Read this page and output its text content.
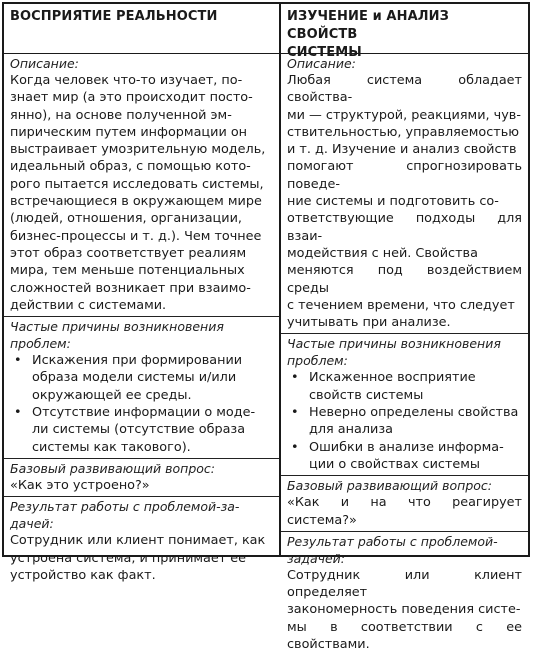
ВОСПРИЯТИЕ РЕАЛЬНОСТИ
Описание:
Когда человек что-то изучает, по-
знает мир (а это происходит посто-
янно), на основе полученной эм-
пирическим путем информации он
выстраивает умозрительную модель,
идеальный образ, с помощью кото-
рого пытается исследовать системы,
встречающиеся в окружающем мире
(людей, отношения, организации,
бизнес-процессы и т. д.). Чем точнее
этот образ соответствует реалиям
мира, тем меньше потенциальных
сложностей возникает при взаимо-
действии с системами.
Частые причины возникновения
проблем:
• Искажения при формировании
образа модели системы и/или
окружающей ее среды.
• Отсутствие информации о моде-
ли системы (отсутствие образа
системы как такового).
Базовый развивающий вопрос:
«Как это устроено?»
Результат работы с проблемой-за-
дачей:
Сотрудник или клиент понимает, как
устроена система, и принимает ее
устройство как факт.
ИЗУЧЕНИЕ и АНАЛИЗ СВОЙСТВ
СИСТЕМЫ
Описание:
Любая система обладает свойства-
ми — структурой, реакциями, чув-
ствительностью, управляемостью
и т. д. Изучение и анализ свойств
помогают спрогнозировать поведе-
ние системы и подготовить со-
ответствующие подходы для взаи-
модействия с ней. Свойства
меняются под воздействием среды
с течением времени, что следует
учитывать при анализе.
Частые причины возникновения
проблем:
• Искаженное восприятие
свойств системы
• Неверно определены свойства
для анализа
• Ошибки в анализе информа-
ции о свойствах системы
Базовый развивающий вопрос:
«Как и на что реагирует система?»
Результат работы с проблемой-
задачей:
Сотрудник или клиент определяет
закономерность поведения систе-
мы в соответствии с ее свойствами.
